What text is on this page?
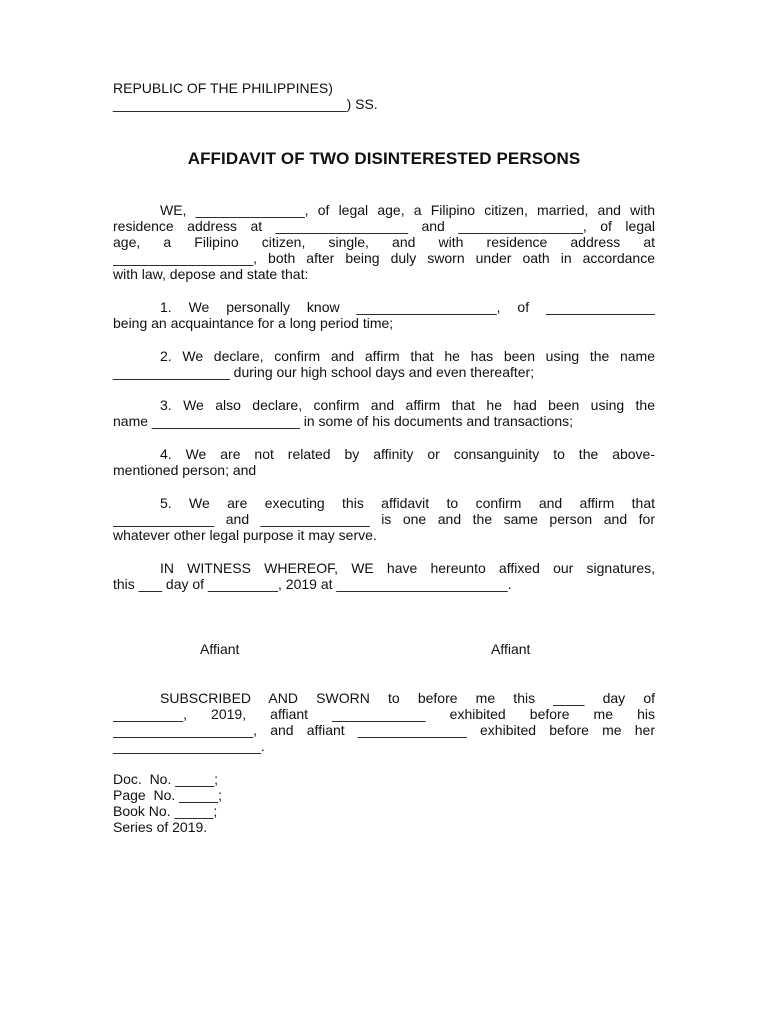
REPUBLIC OF THE PHILIPPINES)
______________________________) SS.
AFFIDAVIT OF TWO DISINTERESTED PERSONS
WE, ______________, of legal age, a Filipino citizen, married, and with
residence address at _________________ and ________________, of legal
age, a Filipino citizen, single, and with residence address at
__________________, both after being duly sworn under oath in accordance
with law, depose and state that:
1. We personally know __________________, of ______________
being an acquaintance for a long period time;
2. We declare, confirm and affirm that he has been using the name
_______________ during our high school days and even thereafter;
3. We also declare, confirm and affirm that he had been using the
name ___________________ in some of his documents and transactions;
4. We are not related by affinity or consanguinity to the above-
mentioned person; and
5. We are executing this affidavit to confirm and affirm that
_____________ and ______________ is one and the same person and for
whatever other legal purpose it may serve.
IN WITNESS WHEREOF, WE have hereunto affixed our signatures,
this ___ day of _________, 2019 at ______________________.
Affiant	Affiant
SUBSCRIBED AND SWORN to before me this ____ day of
_________, 2019, affiant ____________ exhibited before me his
__________________, and affiant ______________ exhibited before me her
___________________.
Doc.  No. _____;
Page  No. _____;
Book No. _____;
Series of 2019.
